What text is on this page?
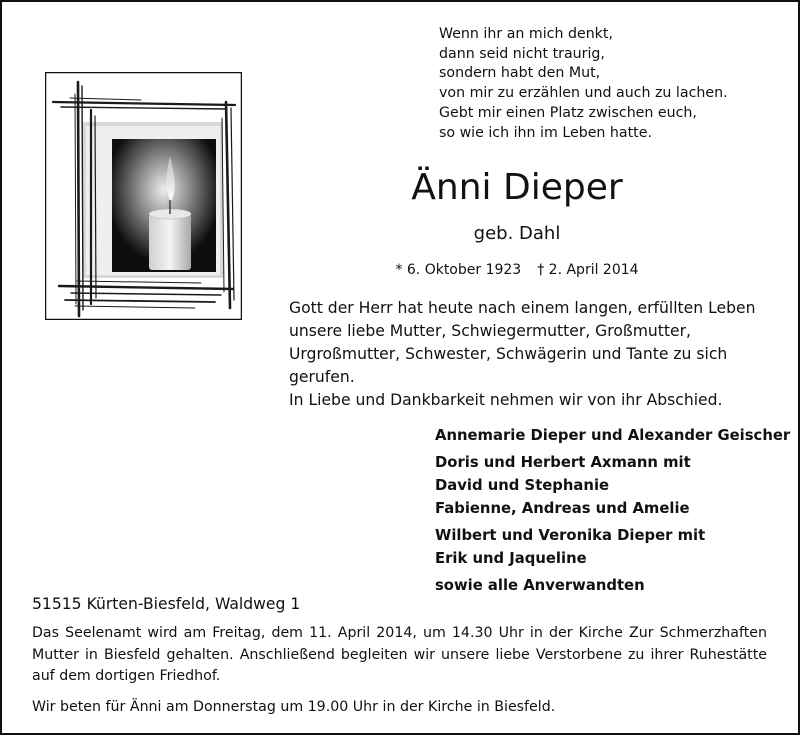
Wenn ihr an mich denkt,
dann seid nicht traurig,
sondern habt den Mut,
von mir zu erzählen und auch zu lachen.
Gebt mir einen Platz zwischen euch,
so wie ich ihn im Leben hatte.
Änni Dieper
geb. Dahl
* 6. Oktober 1923 † 2. April 2014
Gott der Herr hat heute nach einem langen, erfüllten Leben
unsere liebe Mutter, Schwiegermutter, Großmutter,
Urgroßmutter, Schwester, Schwägerin und Tante zu sich
gerufen.
In Liebe und Dankbarkeit nehmen wir von ihr Abschied.
Annemarie Dieper und Alexander Geischer
Doris und Herbert Axmann mit
David und Stephanie
Fabienne, Andreas und Amelie
Wilbert und Veronika Dieper mit
Erik und Jaqueline
sowie alle Anverwandten
51515 Kürten-Biesfeld, Waldweg 1
Das Seelenamt wird am Freitag, dem 11. April 2014, um 14.30 Uhr in der Kirche Zur Schmerzhaften Mutter in Biesfeld gehalten. Anschließend begleiten wir unsere liebe Verstorbene zu ihrer Ruhestätte auf dem dortigen Friedhof.
Wir beten für Änni am Donnerstag um 19.00 Uhr in der Kirche in Biesfeld.
